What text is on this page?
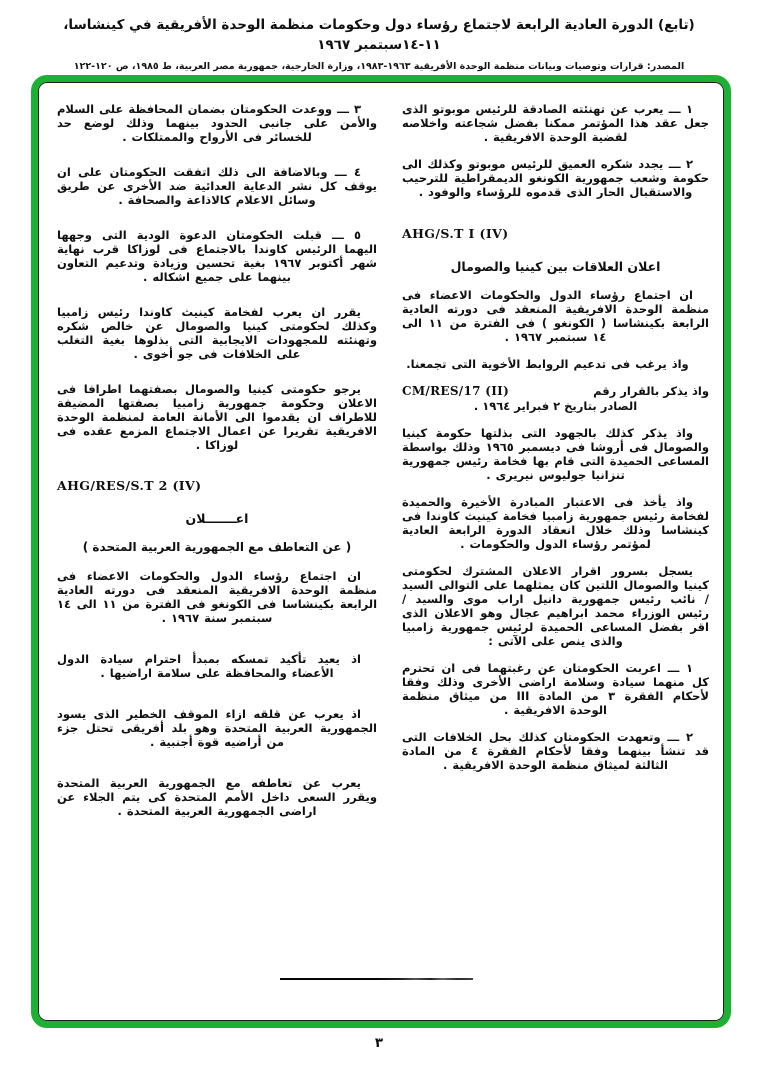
(تابع) الدورة العادية الرابعة لاجتماع رؤساء دول وحكومات منظمة الوحدة الأفريقية في كينشاسا، ١١-١٤سبتمبر ١٩٦٧
المصدر: قرارات وتوصيات وبيانات منظمة الوحدة الأفريقية ١٩٦٣-١٩٨٣، وزارة الخارجية، جمهورية مصر العربية، ط ١٩٨٥، ص ١٢٠-١٢٢
١ ـــ يعرب عن تهنئته الصادقة للرئيس موبوتو الذى جعل عقد هذا المؤتمر ممكنا بفضل شجاعته واخلاصه لقضية الوحدة الافريقية .
٢ ـــ يجدد شكره العميق للرئيس موبوتو وكذلك الى حكومة وشعب جمهورية الكونغو الديمقراطية للترحيب والاستقبال الحار الذى قدموه للرؤساء والوفود .
AHG/S.T I (IV)
اعلان العلاقات بين كينيا والصومال
ان اجتماع رؤساء الدول والحكومات الاعضاء فى منظمة الوحدة الافريقية المنعقد فى دورته العادية الرابعة بكينشاسا ( الكونغو ) فى الفترة من ١١ الى ١٤ سبتمبر ١٩٦٧ .
واذ يرغب فى تدعيم الروابط الأخوية التى تجمعنا.
واذ يذكر بالقرار رقم
CM/RES/17 (II)
الصادر بتاريخ ٢ فبراير ١٩٦٤ .
واذ يذكر كذلك بالجهود التى بذلتها حكومة كينيا والصومال فى أروشا فى ديسمبر ١٩٦٥ وذلك بواسطة المساعى الحميدة التى قام بها فخامة رئيس جمهورية تنزانيا جوليوس نيريرى .
واذ يأخذ فى الاعتبار المبادرة الأخيرة والحميدة لفخامة رئيس جمهورية زامبيا فخامة كينيث كاوندا فى كينشاسا وذلك خلال انعقاد الدورة الرابعة العادية لمؤتمر رؤساء الدول والحكومات .
يسجل بسرور اقرار الاعلان المشترك لحكومتى كينيا والصومال اللتين كان يمثلهما على التوالى السيد / نائب رئيس جمهورية دانيل اراب موى والسيد / رئيس الوزراء محمد ابراهيم عجال وهو الاعلان الذى اقر بفضل المساعى الحميدة لرئيس جمهورية زامبيا والذى ينص على الآتى :
١ ـــ اعربت الحكومتان عن رغبتهما فى ان تحترم كل منهما سيادة وسلامة اراضى الأخرى وذلك وفقا لأحكام الفقرة ٣ من المادة III من ميثاق منظمة الوحدة الافريقية .
٢ ـــ وتعهدت الحكومتان كذلك بحل الخلافات التى قد تنشأ بينهما وفقا لأحكام الفقرة ٤ من المادة الثالثة لميثاق منظمة الوحدة الافريقية .
٣ ـــ ووعدت الحكومتان بضمان المحافظة على السلام والأمن على جانبى الحدود بينهما وذلك لوضع حد للخسائر فى الأرواح والممتلكات .
٤ ـــ وبالاضافة الى ذلك اتفقت الحكومتان على ان يوقف كل نشر الدعاية العدائية ضد الأخرى عن طريق وسائل الاعلام كالاذاعة والصحافة .
٥ ـــ قبلت الحكومتان الدعوة الودية التى وجهها اليهما الرئيس كاوندا بالاجتماع فى لوزاكا قرب نهاية شهر أكتوبر ١٩٦٧ بغية تحسين وزيادة وتدعيم التعاون بينهما على جميع اشكاله .
يقرر ان يعرب لفخامة كينيث كاوندا رئيس زامبيا وكذلك لحكومتى كينيا والصومال عن خالص شكره وتهنئته للمجهودات الايجابية التى بذلوها بغية التغلب على الخلافات فى جو أخوى .
يرجو حكومتى كينيا والصومال بصفتهما اطرافا فى الاعلان وحكومة جمهورية زامبيا بصفتها المضيفة للاطراف ان يقدموا الى الأمانة العامة لمنظمة الوحدة الافريقية تقريرا عن اعمال الاجتماع المزمع عقده فى لوزاكا .
AHG/RES/S.T 2 (IV)
اعـــــــلان
( عن التعاطف مع الجمهورية العربية المتحدة )
ان اجتماع رؤساء الدول والحكومات الاعضاء فى منظمة الوحدة الافريقية المنعقد فى دورته العادية الرابعة بكينشاسا فى الكونغو فى الفترة من ١١ الى ١٤ سبتمبر سنة ١٩٦٧ .
اذ يعيد تأكيد تمسكه بمبدأ احترام سيادة الدول الأعضاء والمحافظة على سلامة اراضيها .
اذ يعرب عن قلقه ازاء الموقف الخطير الذى يسود الجمهورية العربية المتحدة وهو بلد أفريقى تحتل جزء من أراضيه قوة أجنبية .
يعرب عن تعاطفه مع الجمهورية العربية المتحدة ويقرر السعى داخل الأمم المتحدة كى يتم الجلاء عن اراضى الجمهورية العربية المتحدة .
٣
